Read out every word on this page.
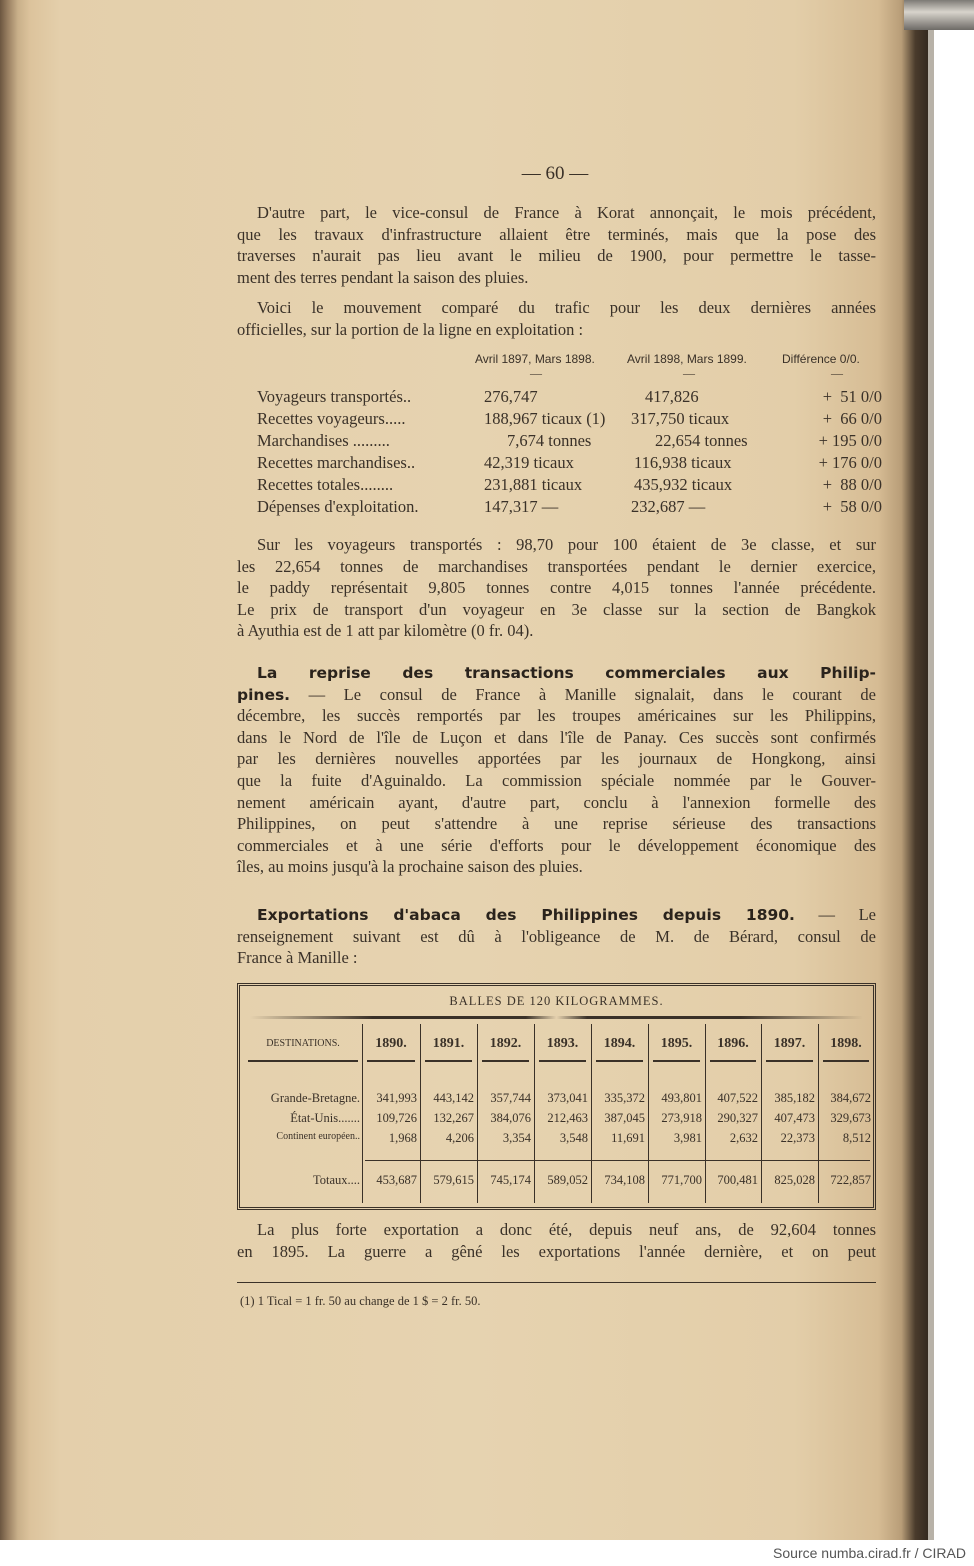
— 60 —
D'autre part, le vice-consul de France à Korat annonçait, le mois précédent,
que les travaux d'infrastructure allaient être terminés, mais que la pose des
traverses n'aurait pas lieu avant le milieu de 1900, pour permettre le tasse-
ment des terres pendant la saison des pluies.
Voici le mouvement comparé du trafic pour les deux dernières années
officielles, sur la portion de la ligne en exploitation :
Avril 1897, Mars 1898.	Avril 1898, Mars 1899.	Différence 0/0.
—	—	—
Voyageurs transportés..	276,747	417,826	+  51 0/0
Recettes voyageurs.....	188,967 ticaux (1) 317,750 ticaux	+  66 0/0
Marchandises .........	7,674 tonnes	22,654 tonnes	+ 195 0/0
Recettes marchandises..	42,319 ticaux	116,938 ticaux	+ 176 0/0
Recettes totales........	231,881 ticaux	435,932 ticaux	+  88 0/0
Dépenses d'exploitation.	147,317 —	232,687 —	+  58 0/0
Sur les voyageurs transportés : 98,70 pour 100 étaient de 3e classe, et sur
les 22,654 tonnes de marchandises transportées pendant le dernier exercice,
le paddy représentait 9,805 tonnes contre 4,015 tonnes l'année précédente.
Le prix de transport d'un voyageur en 3e classe sur la section de Bangkok
à Ayuthia est de 1 att par kilomètre (0 fr. 04).
La reprise des transactions commerciales aux Philip-
pines. — Le consul de France à Manille signalait, dans le courant de
décembre, les succès remportés par les troupes américaines sur les Philippins,
dans le Nord de l'île de Luçon et dans l'île de Panay. Ces succès sont confirmés
par les dernières nouvelles apportées par les journaux de Hongkong, ainsi
que la fuite d'Aguinaldo. La commission spéciale nommée par le Gouver-
nement américain ayant, d'autre part, conclu à l'annexion formelle des
Philippines, on peut s'attendre à une reprise sérieuse des transactions
commerciales et à une série d'efforts pour le développement économique des
îles, au moins jusqu'à la prochaine saison des pluies.
Exportations d'abaca des Philippines depuis 1890. — Le
renseignement suivant est dû à l'obligeance de M. de Bérard, consul de
France à Manille :
BALLES DE 120 KILOGRAMMES.
DESTINATIONS.	1890.	1891.	1892.	1893.	1894.	1895.	1896.	1897.	1898.
Grande-Bretagne.	341,993	443,142	357,744	373,041	335,372	493,801	407,522	385,182	384,672
État-Unis.......	109,726	132,267	384,076	212,463	387,045	273,918	290,327	407,473	329,673
Continent européen..	1,968	4,206	3,354	3,548	11,691	3,981	2,632	22,373	8,512
Totaux....	453,687	579,615	745,174	589,052	734,108	771,700	700,481	825,028	722,857
La plus forte exportation a donc été, depuis neuf ans, de 92,604 tonnes
en 1895. La guerre a gêné les exportations l'année dernière, et on peut
(1) 1 Tical = 1 fr. 50 au change de 1 $ = 2 fr. 50.
Source numba.cirad.fr / CIRAD
